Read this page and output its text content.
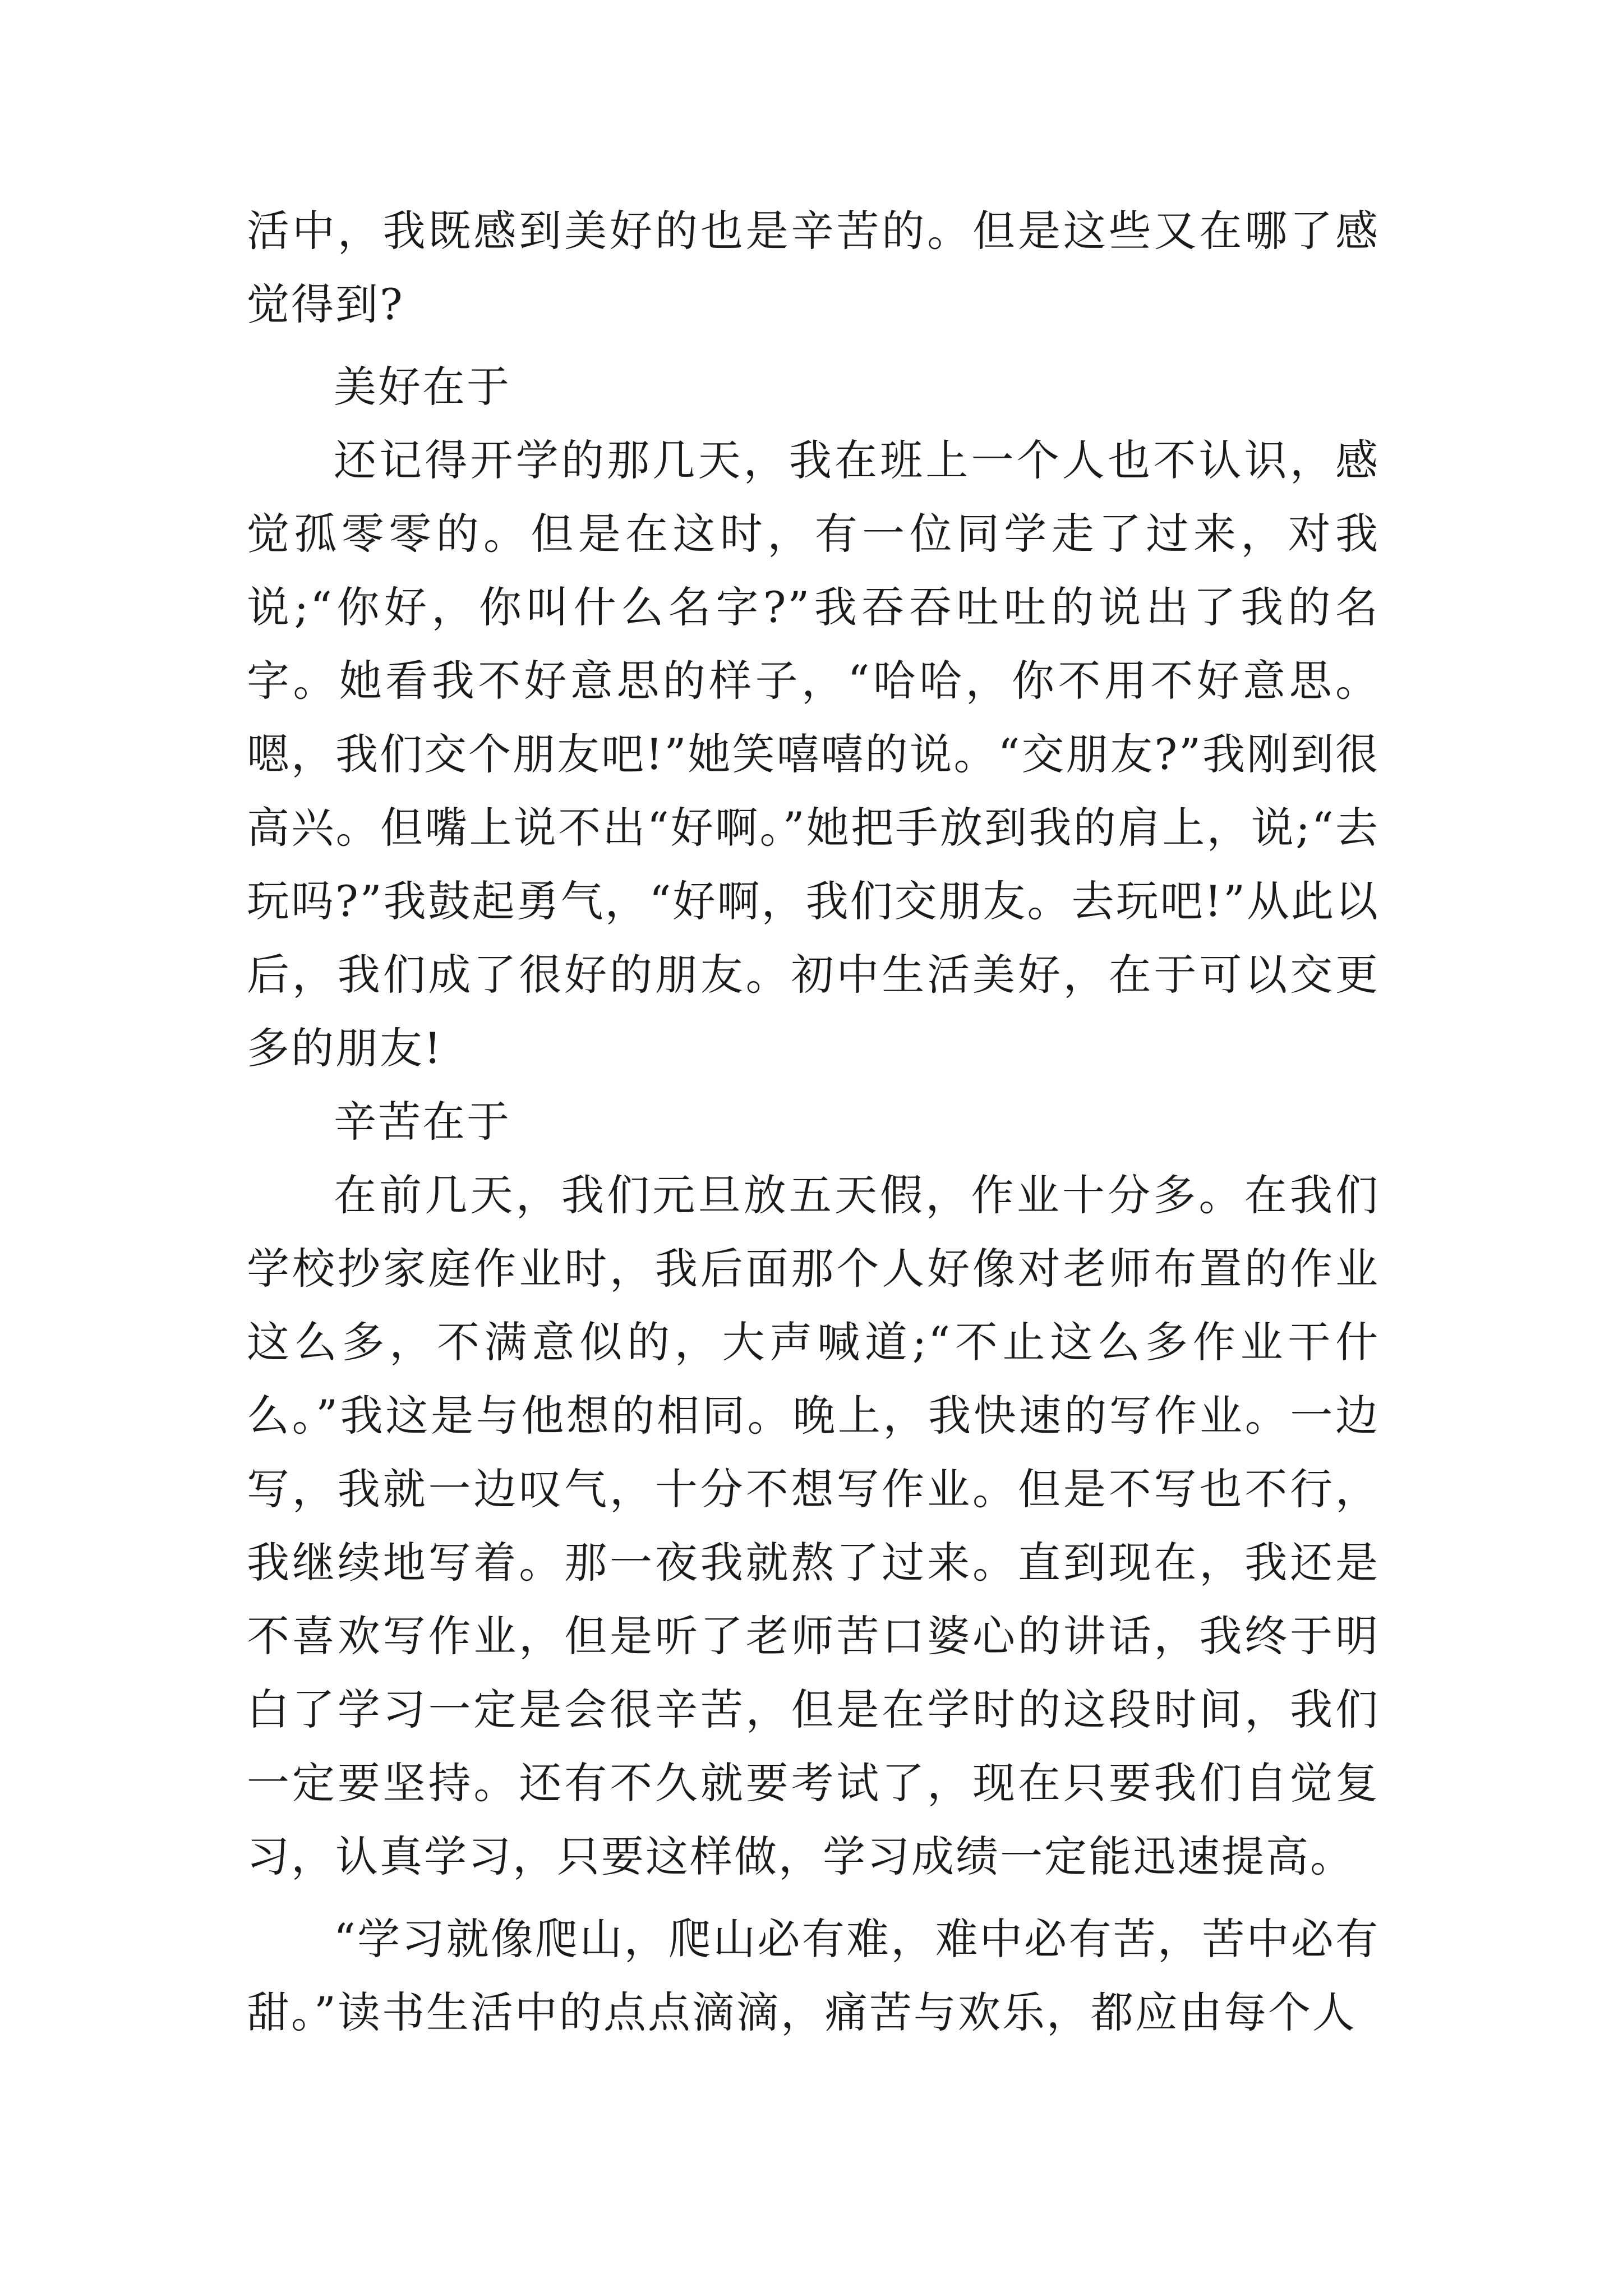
活中，我既感到美好的也是辛苦的。但是这些又在哪了感觉得到?

美好在于

还记得开学的那几天，我在班上一个人也不认识，感觉孤零零的。但是在这时，有一位同学走了过来，对我说;“你好，你叫什么名字?”我吞吞吐吐的说出了我的名字。她看我不好意思的样子，“哈哈，你不用不好意思。嗯，我们交个朋友吧!”她笑嘻嘻的说。“交朋友?”我刚到很高兴。但嘴上说不出“好啊。”她把手放到我的肩上，说;“去玩吗?”我鼓起勇气，“好啊，我们交朋友。去玩吧!”从此以后，我们成了很好的朋友。初中生活美好，在于可以交更多的朋友!

辛苦在于

在前几天，我们元旦放五天假，作业十分多。在我们学校抄家庭作业时，我后面那个人好像对老师布置的作业这么多，不满意似的，大声喊道;“不止这么多作业干什么。”我这是与他想的相同。晚上，我快速的写作业。一边写，我就一边叹气，十分不想写作业。但是不写也不行，我继续地写着。那一夜我就熬了过来。直到现在，我还是不喜欢写作业，但是听了老师苦口婆心的讲话，我终于明白了学习一定是会很辛苦，但是在学时的这段时间，我们一定要坚持。还有不久就要考试了，现在只要我们自觉复习，认真学习，只要这样做，学习成绩一定能迅速提高。

“学习就像爬山，爬山必有难，难中必有苦，苦中必有甜。”读书生活中的点点滴滴，痛苦与欢乐，都应由每个人
